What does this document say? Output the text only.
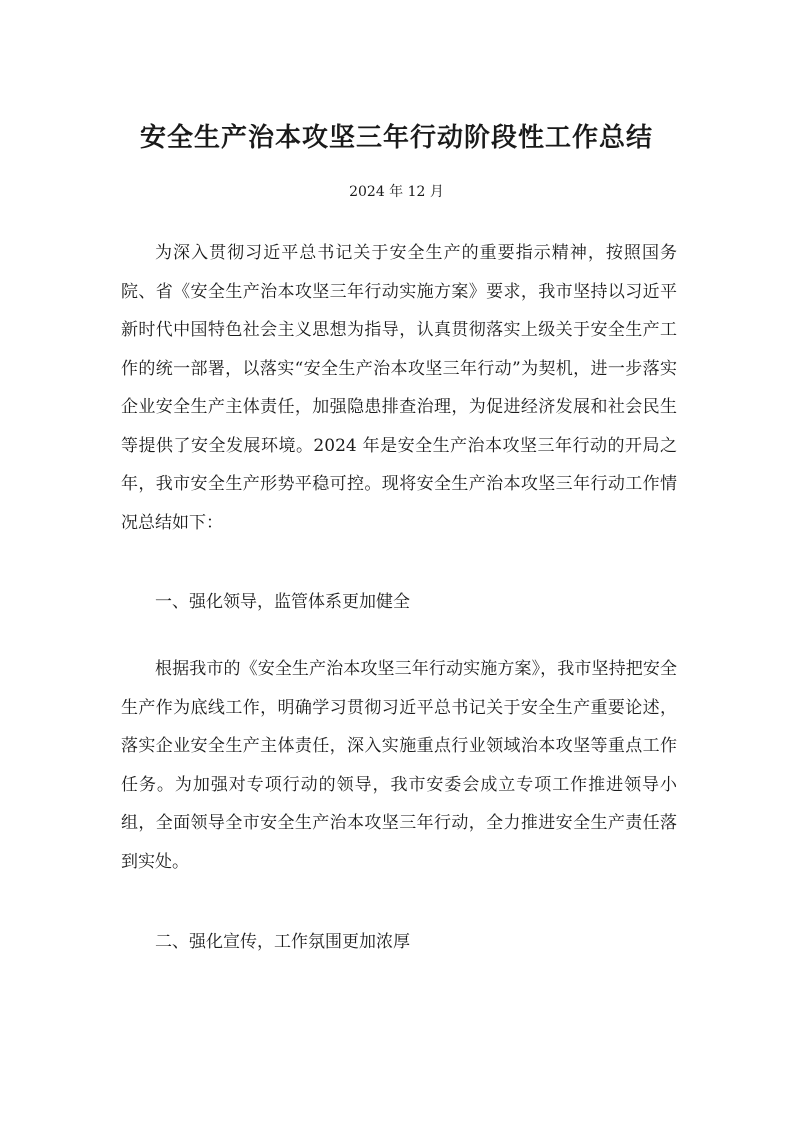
安全生产治本攻坚三年行动阶段性工作总结

2024 年 12 月

为深入贯彻习近平总书记关于安全生产的重要指示精神，按照国务院、省《安全生产治本攻坚三年行动实施方案》要求，我市坚持以习近平新时代中国特色社会主义思想为指导，认真贯彻落实上级关于安全生产工作的统一部署，以落实“安全生产治本攻坚三年行动”为契机，进一步落实企业安全生产主体责任，加强隐患排查治理，为促进经济发展和社会民生等提供了安全发展环境。2024 年是安全生产治本攻坚三年行动的开局之年，我市安全生产形势平稳可控。现将安全生产治本攻坚三年行动工作情况总结如下：

一、强化领导，监管体系更加健全

根据我市的《安全生产治本攻坚三年行动实施方案》，我市坚持把安全生产作为底线工作，明确学习贯彻习近平总书记关于安全生产重要论述，落实企业安全生产主体责任，深入实施重点行业领域治本攻坚等重点工作任务。为加强对专项行动的领导，我市安委会成立专项工作推进领导小组，全面领导全市安全生产治本攻坚三年行动，全力推进安全生产责任落到实处。

二、强化宣传，工作氛围更加浓厚
